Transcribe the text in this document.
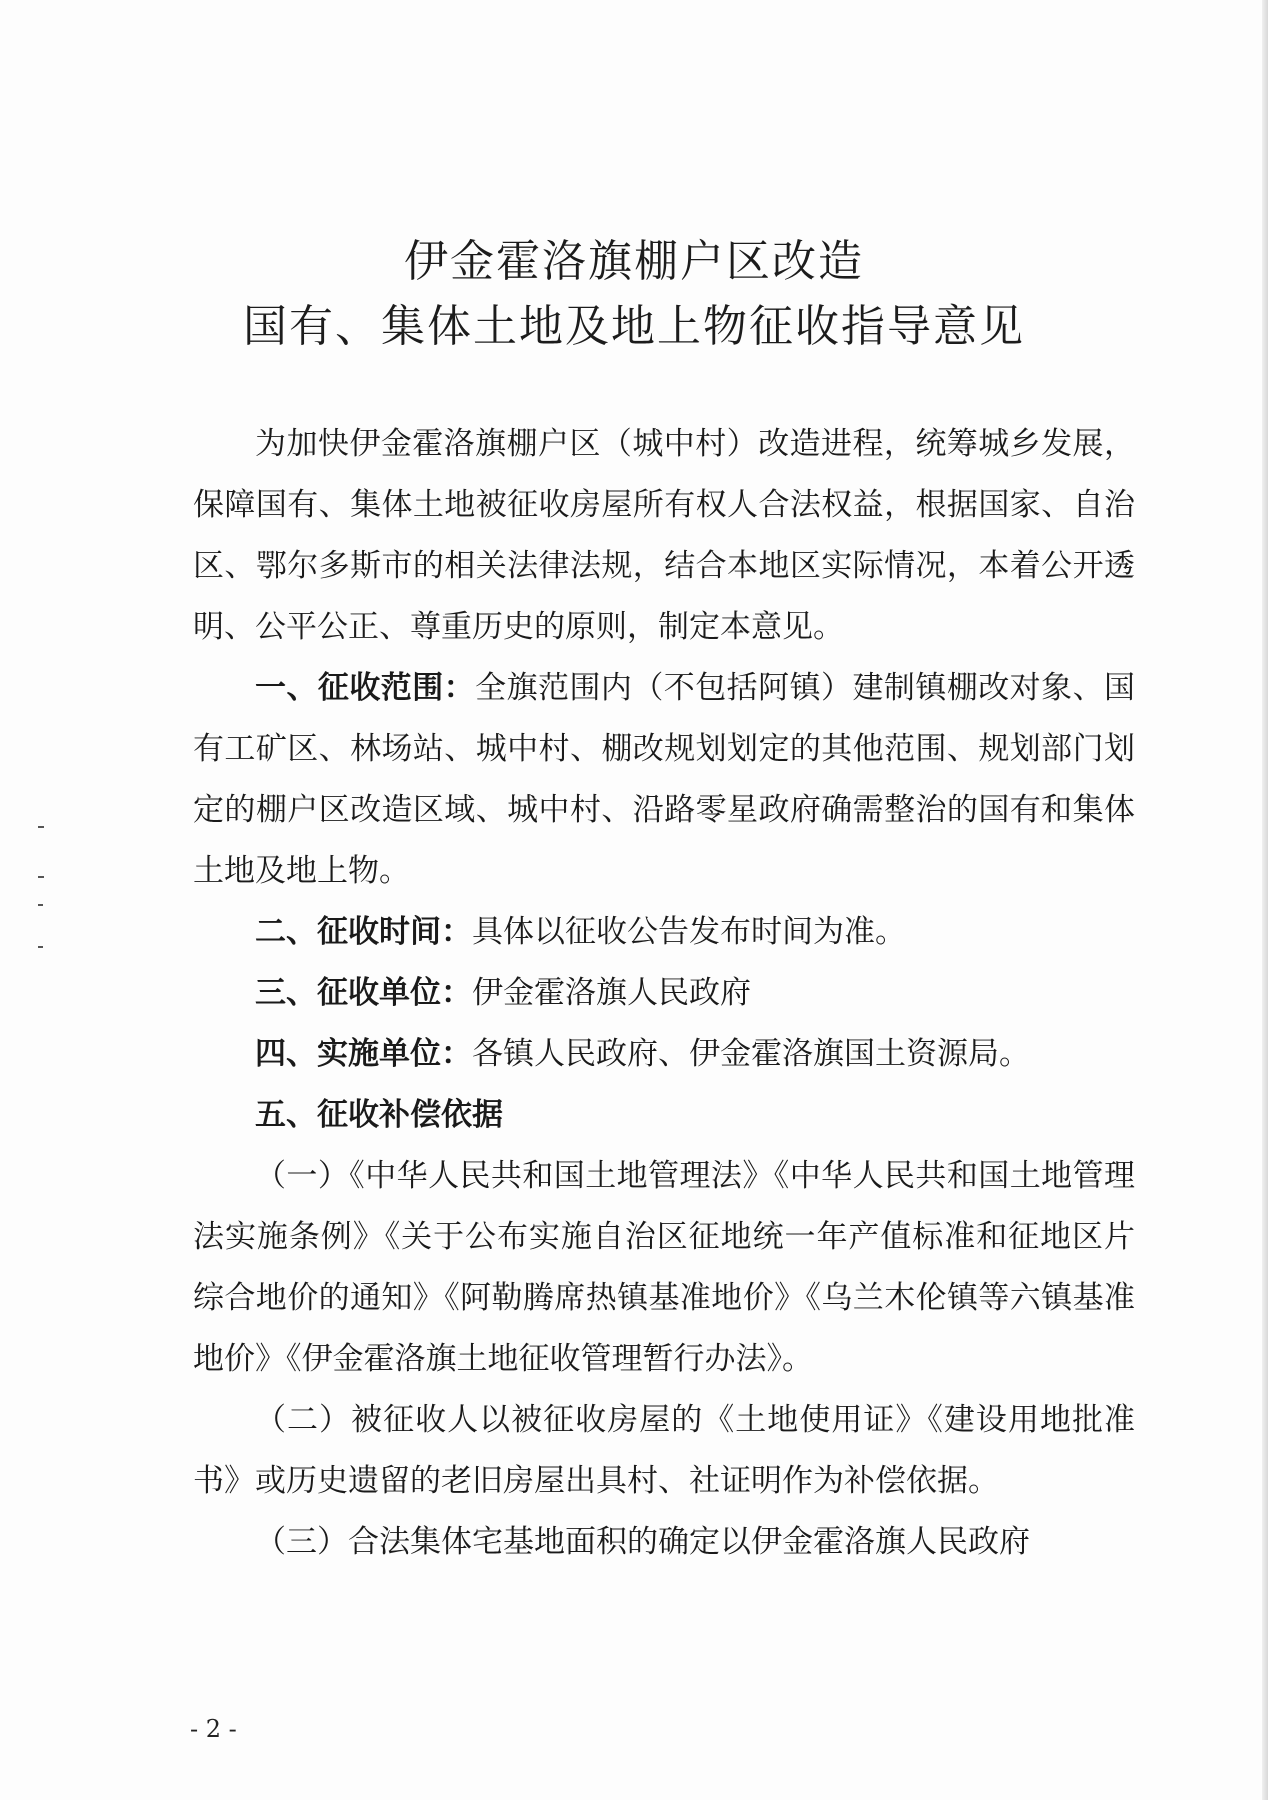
伊金霍洛旗棚户区改造
国有、集体土地及地上物征收指导意见

为加快伊金霍洛旗棚户区（城中村）改造进程，统筹城乡发展，保障国有、集体土地被征收房屋所有权人合法权益，根据国家、自治区、鄂尔多斯市的相关法律法规，结合本地区实际情况，本着公开透明、公平公正、尊重历史的原则，制定本意见。

一、征收范围：全旗范围内（不包括阿镇）建制镇棚改对象、国有工矿区、林场站、城中村、棚改规划划定的其他范围、规划部门划定的棚户区改造区域、城中村、沿路零星政府确需整治的国有和集体土地及地上物。

二、征收时间：具体以征收公告发布时间为准。

三、征收单位：伊金霍洛旗人民政府

四、实施单位：各镇人民政府、伊金霍洛旗国土资源局。

五、征收补偿依据

（一）《中华人民共和国土地管理法》《中华人民共和国土地管理法实施条例》《关于公布实施自治区征地统一年产值标准和征地区片综合地价的通知》《阿勒腾席热镇基准地价》《乌兰木伦镇等六镇基准地价》《伊金霍洛旗土地征收管理暂行办法》。

（二）被征收人以被征收房屋的《土地使用证》《建设用地批准书》或历史遗留的老旧房屋出具村、社证明作为补偿依据。

（三）合法集体宅基地面积的确定以伊金霍洛旗人民政府

- 2 -
